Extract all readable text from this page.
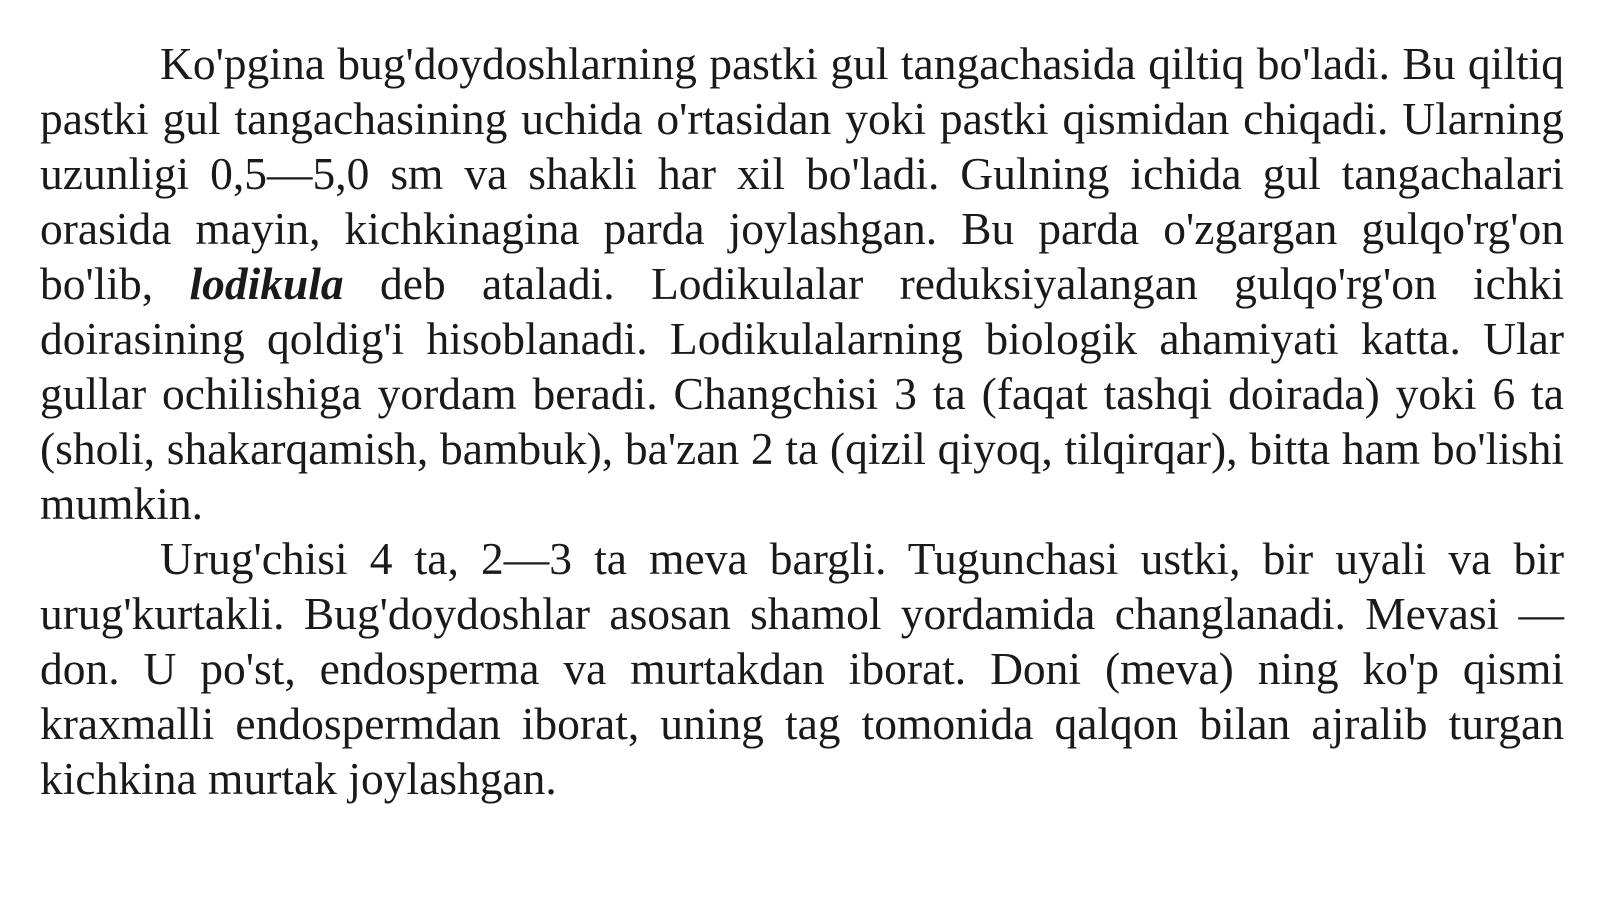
Ko'pgina bug'doydoshlarning pastki gul tangachasida qiltiq bo'ladi. Bu qiltiq pastki gul tangachasining uchida o'rtasidan yoki pastki qismidan chiqadi. Ularning uzunligi 0,5—5,0 sm va shakli har xil bo'ladi. Gulning ichida gul tangachalari orasida mayin, kichkinagina parda joylashgan. Bu parda o'zgargan gulqo'rg'on bo'lib, lodikula deb ataladi. Lodikulalar reduksiyalangan gulqo'rg'on ichki doirasining qoldig'i hisoblanadi. Lodikulalarning biologik ahamiyati katta. Ular gullar ochilishiga yordam beradi. Changchisi 3 ta (faqat tashqi doirada) yoki 6 ta (sholi, shakarqamish, bambuk), ba'zan 2 ta (qizil qiyoq, tilqirqar), bitta ham bo'lishi mumkin.

Urug'chisi 4 ta, 2—3 ta meva bargli. Tugunchasi ustki, bir uyali va bir urug'kurtakli. Bug'doydoshlar asosan shamol yordamida changlanadi. Mevasi — don. U po'st, endosperma va murtakdan iborat. Doni (meva) ning ko'p qismi kraxmalli endospermdan iborat, uning tag tomonida qalqon bilan ajralib turgan kichkina murtak joylashgan.
